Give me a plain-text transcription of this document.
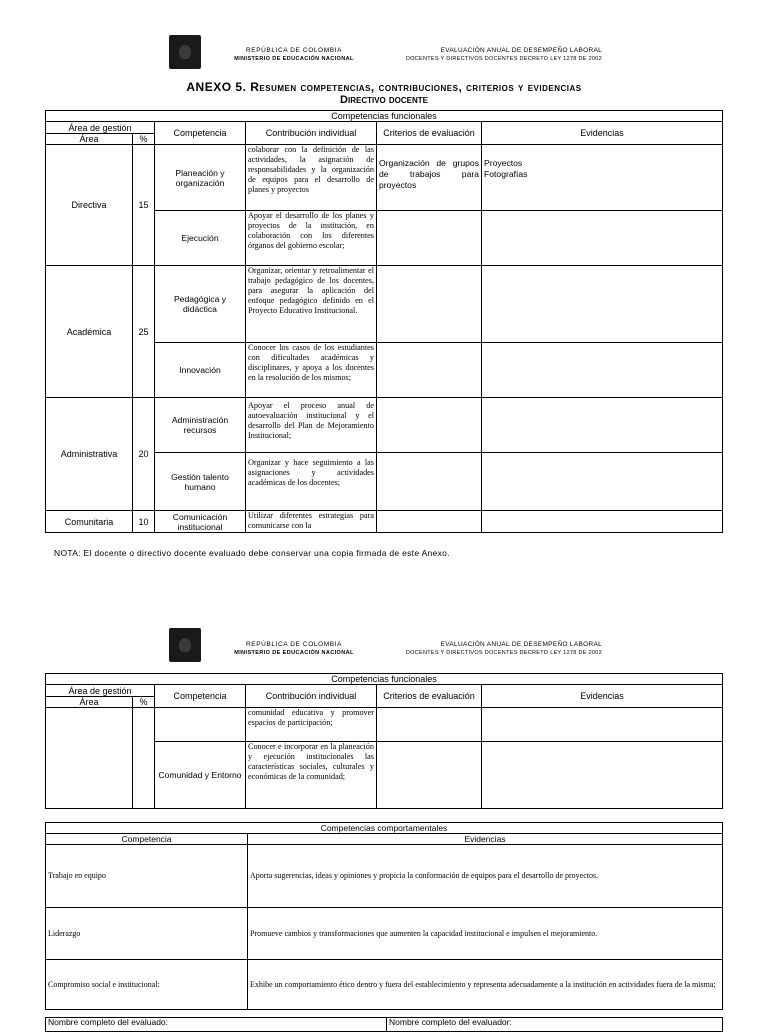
REPÚBLICA DE COLOMBIA
MINISTERIO DE EDUCACIÓN NACIONAL
EVALUACIÓN ANUAL DE DESEMPEÑO LABORAL
DOCENTES Y DIRECTIVOS DOCENTES DECRETO LEY 1278 DE 2002
ANEXO 5. Resumen competencias, contribuciones, criterios y evidencias
Directivo docente
Competencias funcionales					
Área de gestión		Competencia	Contribución individual	Criterios de evaluación	Evidencias
Área	%				
Directiva	15	Planeación y organización	colaborar con la definición de las actividades, la asignación de responsabilidades y la organización de equipos para el desarrollo de planes y proyectos	Organización de grupos de trabajos para proyectos	Proyectos
Fotografías

		Ejecución	Apoyar el desarrollo de los planes y proyectos de la institución, en colaboración con los diferentes órganos del gobierno escolar;		
Académica	25	Pedagógica y didáctica	Organizar, orientar y retroalimentar el trabajo pedagógico de los docentes, para asegurar la aplicación del enfoque pedagógico definido en el Proyecto Educativo Institucional.		
		Innovación	Conocer los casos de los estudiantes con dificultades académicas y disciplinares, y apoya a los docentes en la resolución de los mismos;		
Administrativa	20	Administración recursos	Apoyar el proceso anual de autoevaluación institucional y el desarrollo del Plan de Mejoramiento Institucional;		
		Gestión talento humano	Organizar y hace seguimiento a las asignaciones y actividades académicas de los docentes;		
Comunitaria	10	Comunicación institucional	Utilizar diferentes estrategias para comunicarse con la		
NOTA: El docente o directivo docente evaluado debe conservar una copia firmada de este Anexo.
REPÚBLICA DE COLOMBIA
MINISTERIO DE EDUCACIÓN NACIONAL
EVALUACIÓN ANUAL DE DESEMPEÑO LABORAL
DOCENTES Y DIRECTIVOS DOCENTES DECRETO LEY 1278 DE 2002
Competencias funcionales					
Área de gestión		Competencia	Contribución individual	Criterios de evaluación	Evidencias
Área	%				
			comunidad educativa y promover espacios de participación;		
		Comunidad y Entorno	Conocer e incorporar en la planeación y ejecución institucionales las características sociales, culturales y económicas de la comunidad;		
Competencias comportamentales	
Competencia	Evidencias
Trabajo en equipo	Aporta sugerencias, ideas y opiniones y propicia la conformación de equipos para el desarrollo de proyectos.
Liderazgo	Promueve cambios y transformaciones que aumenten la capacidad institucional e impulsen el mejoramiento.
Compromiso social e institucional:	Exhibe un comportamiento ético dentro y fuera del establecimiento y representa adecuadamente a la institución en actividades fuera de la misma;
Nombre completo del evaluado:	Nombre completo del evaluador:
